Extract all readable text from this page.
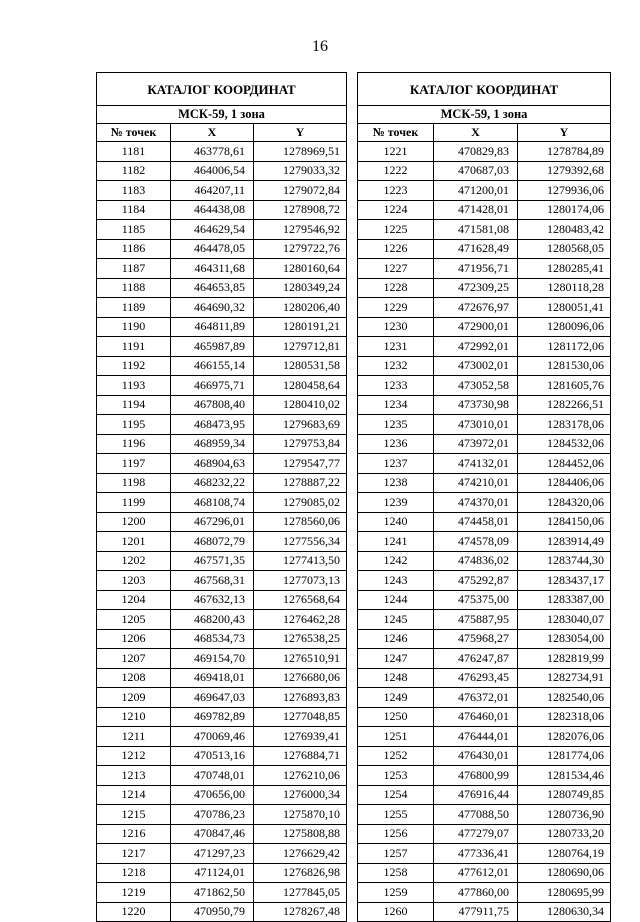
16
КАТАЛОГ КООРДИНАТ		
МСК-59, 1 зона		
№ точек	X	Y
1181	463778,61	1278969,51
1182	464006,54	1279033,32
1183	464207,11	1279072,84
1184	464438,08	1278908,72
1185	464629,54	1279546,92
1186	464478,05	1279722,76
1187	464311,68	1280160,64
1188	464653,85	1280349,24
1189	464690,32	1280206,40
1190	464811,89	1280191,21
1191	465987,89	1279712,81
1192	466155,14	1280531,58
1193	466975,71	1280458,64
1194	467808,40	1280410,02
1195	468473,95	1279683,69
1196	468959,34	1279753,84
1197	468904,63	1279547,77
1198	468232,22	1278887,22
1199	468108,74	1279085,02
1200	467296,01	1278560,06
1201	468072,79	1277556,34
1202	467571,35	1277413,50
1203	467568,31	1277073,13
1204	467632,13	1276568,64
1205	468200,43	1276462,28
1206	468534,73	1276538,25
1207	469154,70	1276510,91
1208	469418,01	1276680,06
1209	469647,03	1276893,83
1210	469782,89	1277048,85
1211	470069,46	1276939,41
1212	470513,16	1276884,71
1213	470748,01	1276210,06
1214	470656,00	1276000,34
1215	470786,23	1275870,10
1216	470847,46	1275808,88
1217	471297,23	1276629,42
1218	471124,01	1276826,98
1219	471862,50	1277845,05
1220	470950,79	1278267,48
КАТАЛОГ КООРДИНАТ		
МСК-59, 1 зона		
№ точек	X	Y
1221	470829,83	1278784,89
1222	470687,03	1279392,68
1223	471200,01	1279936,06
1224	471428,01	1280174,06
1225	471581,08	1280483,42
1226	471628,49	1280568,05
1227	471956,71	1280285,41
1228	472309,25	1280118,28
1229	472676,97	1280051,41
1230	472900,01	1280096,06
1231	472992,01	1281172,06
1232	473002,01	1281530,06
1233	473052,58	1281605,76
1234	473730,98	1282266,51
1235	473010,01	1283178,06
1236	473972,01	1284532,06
1237	474132,01	1284452,06
1238	474210,01	1284406,06
1239	474370,01	1284320,06
1240	474458,01	1284150,06
1241	474578,09	1283914,49
1242	474836,02	1283744,30
1243	475292,87	1283437,17
1244	475375,00	1283387,00
1245	475887,95	1283040,07
1246	475968,27	1283054,00
1247	476247,87	1282819,99
1248	476293,45	1282734,91
1249	476372,01	1282540,06
1250	476460,01	1282318,06
1251	476444,01	1282076,06
1252	476430,01	1281774,06
1253	476800,99	1281534,46
1254	476916,44	1280749,85
1255	477088,50	1280736,90
1256	477279,07	1280733,20
1257	477336,41	1280764,19
1258	477612,01	1280690,06
1259	477860,00	1280695,99
1260	477911,75	1280630,34
